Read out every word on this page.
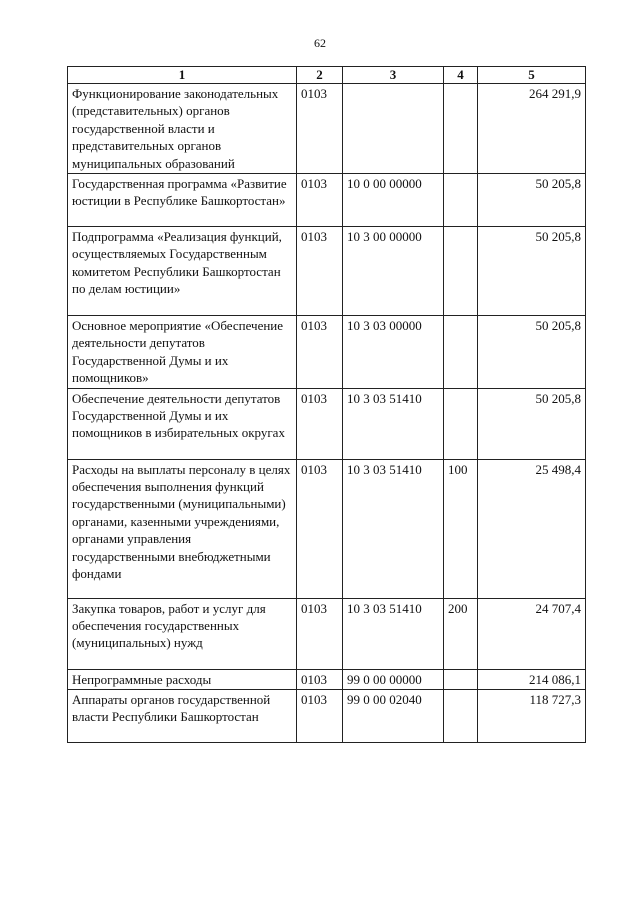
62
1	2	3	4	5
Функционирование законодательных (представительных) органов государственной власти и представительных органов муниципальных образований	0103			264 291,9
Государственная программа «Развитие юстиции в Республике Башкортостан»	0103	10 0 00 00000		50 205,8
Подпрограмма «Реализация функций, осуществляемых Государственным комитетом Республики Башкортостан по делам юстиции»	0103	10 3 00 00000		50 205,8
Основное мероприятие «Обеспечение деятельности депутатов Государственной Думы и их помощников»	0103	10 3 03 00000		50 205,8
Обеспечение деятельности депутатов Государственной Думы и их помощников в избирательных округах	0103	10 3 03 51410		50 205,8
Расходы на выплаты персоналу в целях обеспечения выполнения функций государственными (муниципальными) органами, казенными учреждениями, органами управления государственными внебюджетными фондами	0103	10 3 03 51410	100	25 498,4
Закупка товаров, работ и услуг для обеспечения государственных (муниципальных) нужд	0103	10 3 03 51410	200	24 707,4
Непрограммные расходы	0103	99 0 00 00000		214 086,1
Аппараты органов государственной власти Республики Башкортостан	0103	99 0 00 02040		118 727,3
